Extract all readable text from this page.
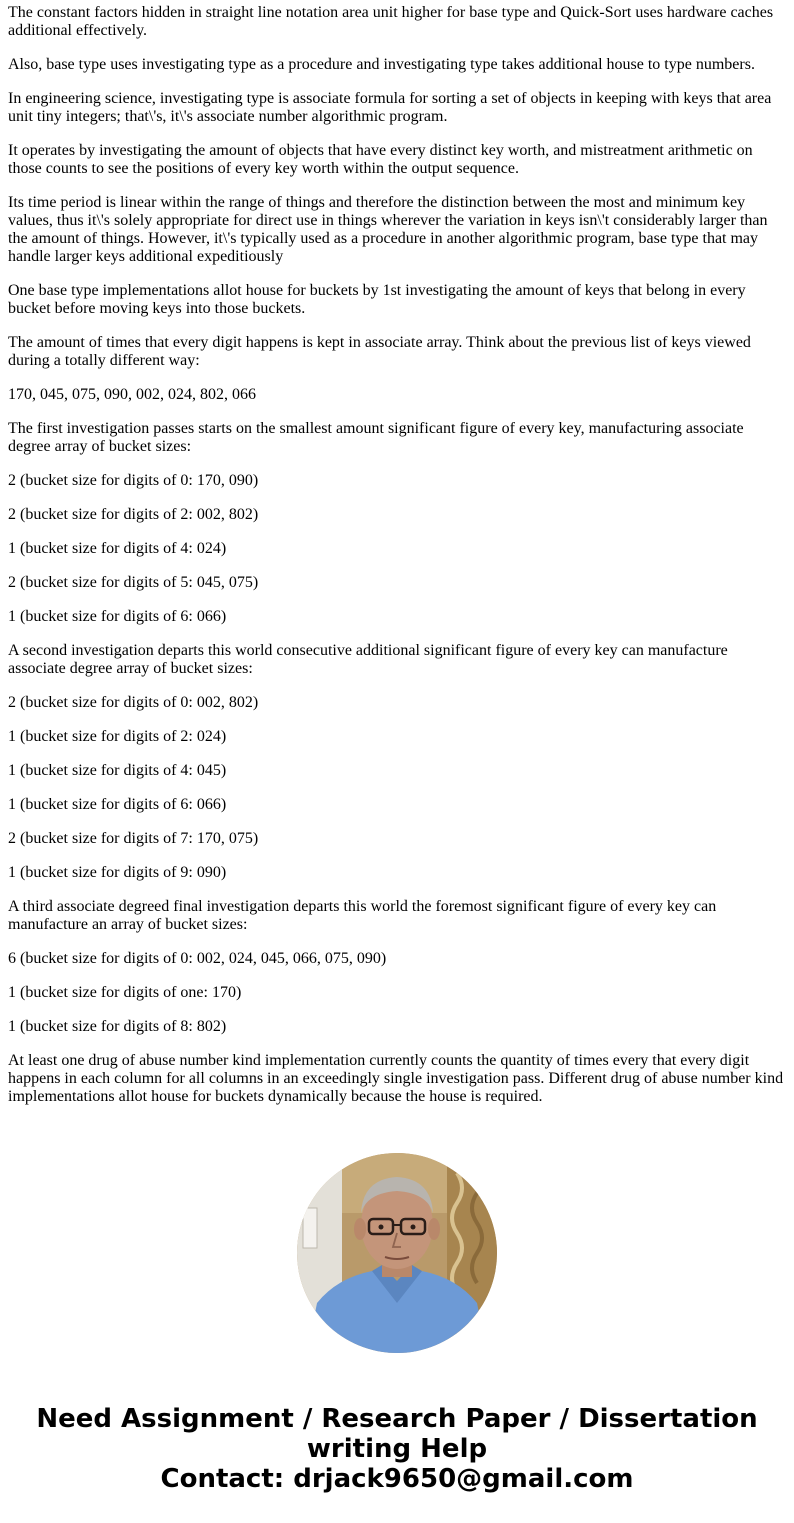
The constant factors hidden in straight line notation area unit higher for base type and Quick-Sort uses hardware caches additional effectively.

Also, base type uses investigating type as a procedure and investigating type takes additional house to type numbers.

In engineering science, investigating type is associate formula for sorting a set of objects in keeping with keys that area unit tiny integers; that\'s, it\'s associate number algorithmic program.

It operates by investigating the amount of objects that have every distinct key worth, and mistreatment arithmetic on those counts to see the positions of every key worth within the output sequence.

Its time period is linear within the range of things and therefore the distinction between the most and minimum key values, thus it\'s solely appropriate for direct use in things wherever the variation in keys isn\'t considerably larger than the amount of things. However, it\'s typically used as a procedure in another algorithmic program, base type that may handle larger keys additional expeditiously

One base type implementations allot house for buckets by 1st investigating the amount of keys that belong in every bucket before moving keys into those buckets.

The amount of times that every digit happens is kept in associate array. Think about the previous list of keys viewed during a totally different way:

170, 045, 075, 090, 002, 024, 802, 066

The first investigation passes starts on the smallest amount significant figure of every key, manufacturing associate degree array of bucket sizes:

2 (bucket size for digits of 0: 170, 090)

2 (bucket size for digits of 2: 002, 802)

1 (bucket size for digits of 4: 024)

2 (bucket size for digits of 5: 045, 075)

1 (bucket size for digits of 6: 066)

A second investigation departs this world consecutive additional significant figure of every key can manufacture associate degree array of bucket sizes:

2 (bucket size for digits of 0: 002, 802)

1 (bucket size for digits of 2: 024)

1 (bucket size for digits of 4: 045)

1 (bucket size for digits of 6: 066)

2 (bucket size for digits of 7: 170, 075)

1 (bucket size for digits of 9: 090)

A third associate degreed final investigation departs this world the foremost significant figure of every key can manufacture an array of bucket sizes:

6 (bucket size for digits of 0: 002, 024, 045, 066, 075, 090)

1 (bucket size for digits of one: 170)

1 (bucket size for digits of 8: 802)

At least one drug of abuse number kind implementation currently counts the quantity of times every that every digit happens in each column for all columns in an exceedingly single investigation pass. Different drug of abuse number kind implementations allot house for buckets dynamically because the house is required.

Need Assignment / Research Paper / Dissertation
writing Help
Contact: drjack9650@gmail.com
